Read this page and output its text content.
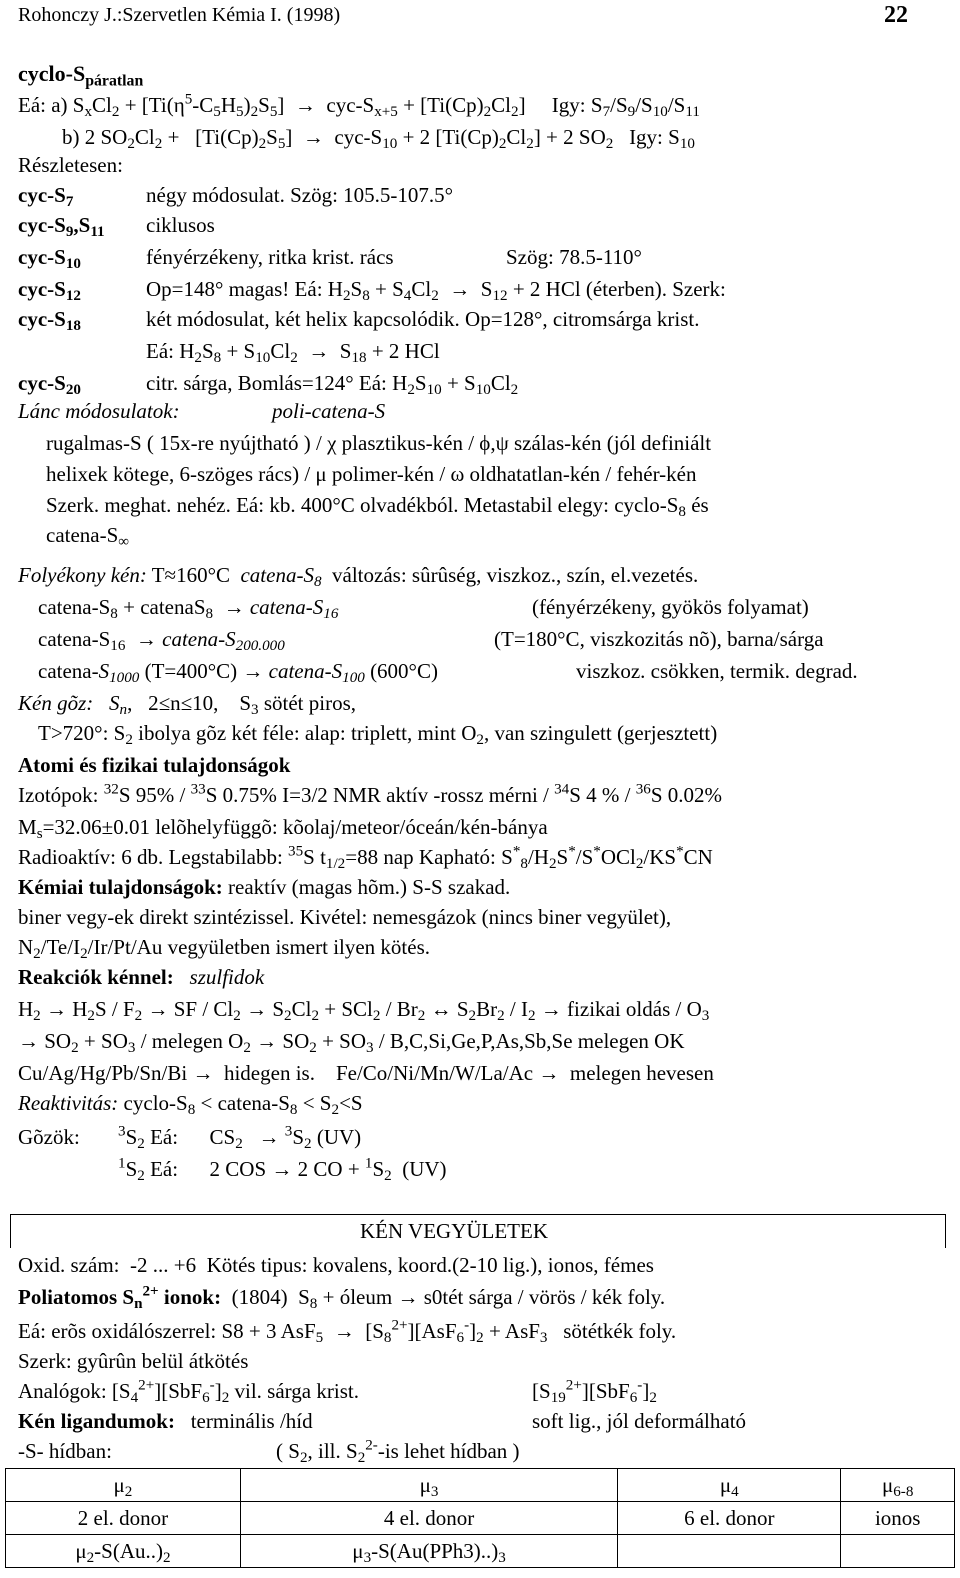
Rohonczy J.:Szervetlen Kémia I. (1998)	22
cyclo-$S_{páratlan}$
Eá: a) $S_xCl_2 + [Ti(\eta^5-C_5H_5)_2S_5] \to cyc-S_{x+5} + [Ti(Cp)_2Cl_2]$     Igy: $S_7/S_9/S_{10}/S_{11}$
b) 2 $SO_2Cl_2 + [Ti(Cp)_2S_5] \to cyc-S_{10} + 2$ $[Ti(Cp)_2Cl_2] + 2$ $SO_2$   Igy: $S_{10}$
Részletesen:
cyc-$S_7$	négy módosulat. Szög: 105.5-107.5°
cyc-$S_9,S_{11}$ ciklusos
cyc-$S_{10}$	fényérzékeny, ritka krist. rács	Szög: 78.5-110°
cyc-$S_{12}$	Op=148° magas! Eá: $H_2S_8 + S_4Cl_2 \to S_{12} + 2$ HCl (éterben). Szerk:
cyc-$S_{18}$	két módosulat, két helix kapcsolódik. Op=128°, citromsárga krist.
Eá: $H_2S_8 + S_{10}Cl_2 \to S_{18} + 2$ HCl
cyc-$S_{20}$	citr. sárga, Bomlás=124° Eá: $H_2S_{10} + S_{10}Cl_2$
Lánc módosulatok:	poli-catena-S
rugalmas-S ( 15x-re nyújtható ) / χ plasztikus-kén / ϕ,ψ szálas-kén (jól definiált
helixek kötege, 6-szöges rács) / μ polimer-kén / ω oldhatatlan-kén / fehér-kén
Szerk. meghat. nehéz. Eá: kb. 400°C olvadékból. Metastabil elegy: cyclo-$S_8$ és
catena-$S_\infty$
Folyékony kén: T≈160°C catena-$S_8$ változás: sûrûség, viszkoz., szín, el.vezetés.
catena-$S_8$ + catenaS$_8$  → catena-$S_{16}$	(fényérzékeny, gyökös folyamat)
catena-$S_{16}$  → catena-$S_{200.000}$	(T=180°C, viszkozitás nõ), barna/sárga
catena-$S_{1000}$ (T=400°C) → catena-$S_{100}$ (600°C)	viszkoz. csökken, termik. degrad.
Kén gõz: $S_n$,   2≤n≤10,    $S_3$ sötét piros,
T>720°: $S_2$ ibolya gõz két féle: alap: triplett, mint $O_2$, van szingulett (gerjesztett)
Atomi és fizikai tulajdonságok
Izotópok: $^{32}$S 95% / $^{33}$S 0.75% I=3/2 NMR aktív -rossz mérni / $^{34}$S 4 % / $^{36}$S 0.02%
$M_s=32.06\pm 0.01$ lelõhelyfüggõ: kõolaj/meteor/óceán/kén-bánya
Radioaktív: 6 db. Legstabilabb: $^{35}$S $t_{1/2}=88$ nap Kapható: $S^*_8/H_2S^*/S^*OCl_2/KS^*CN$
Kémiai tulajdonságok: reaktív (magas hõm.) S-S szakad.
biner vegy-ek direkt szintézissel. Kivétel: nemesgázok (nincs biner vegyület),
$N_2/Te/I_2/Ir/Pt/Au$ vegyületben ismert ilyen kötés.
Reakciók kénnel: szulfidok
$H_2 \to H_2S / F_2$ → SF / $Cl_2 \to S_2Cl_2 + SCl_2 / Br_2$ ↔ $S_2Br_2 / I_2$ → fizikai oldás / $O_3$
→ $SO_2 + SO_3$ / melegen $O_2 \to SO_2 + SO_3 / B,C,Si,Ge,P,As,Sb,Se$ melegen OK
Cu/Ag/Hg/Pb/Sn/Bi →  hidegen is. Fe/Co/Ni/Mn/W/La/Ac →  melegen hevesen
Reaktivitás: cyclo-$S_8$ < catena-$S_8 < S_2<S$
Gõzök:	$^3S_2$ Eá:      $CS_2 \to ^3S_2$ (UV)
$^1S_2$ Eá:      2 COS → 2 CO + $^1S_2$  (UV)
KÉN VEGYÜLETEK
Oxid. szám: -2 ... +6 Kötés tipus: kovalens, koord.(2-10 lig.), ionos, fémes
Poliatomos $S_n^{2+}$ ionok: (1804)  $S_8$ + óleum → s0tét sárga / vörös / kék foly.
Eá: erõs oxidálószerrel: S8 + 3 $AsF_5 \to [S_8^{2+}][AsF_6^-]_2 + AsF_3$ sötétkék foly.
Szerk: gyûrûn belül átkötés
Analógok: $[S_4^{2+}][SbF_6^-]_2$ vil. sárga krist.	$[S_{19}^{2+}][SbF_6^-]_2$
Kén ligandumok: terminális /híd	soft lig., jól deformálható
-S- hídban:	( $S_2$, ill. $S_2^{2-}-is$ lehet hídban )
$\mu_2$	$\mu_3$	$\mu_4$	$\mu_{6-8}$
2 el. donor	4 el. donor	6 el. donor	ionos
$\mu_2-S(Au..)_2$	$\mu_3-S(Au(PPh3)..)_3$		
